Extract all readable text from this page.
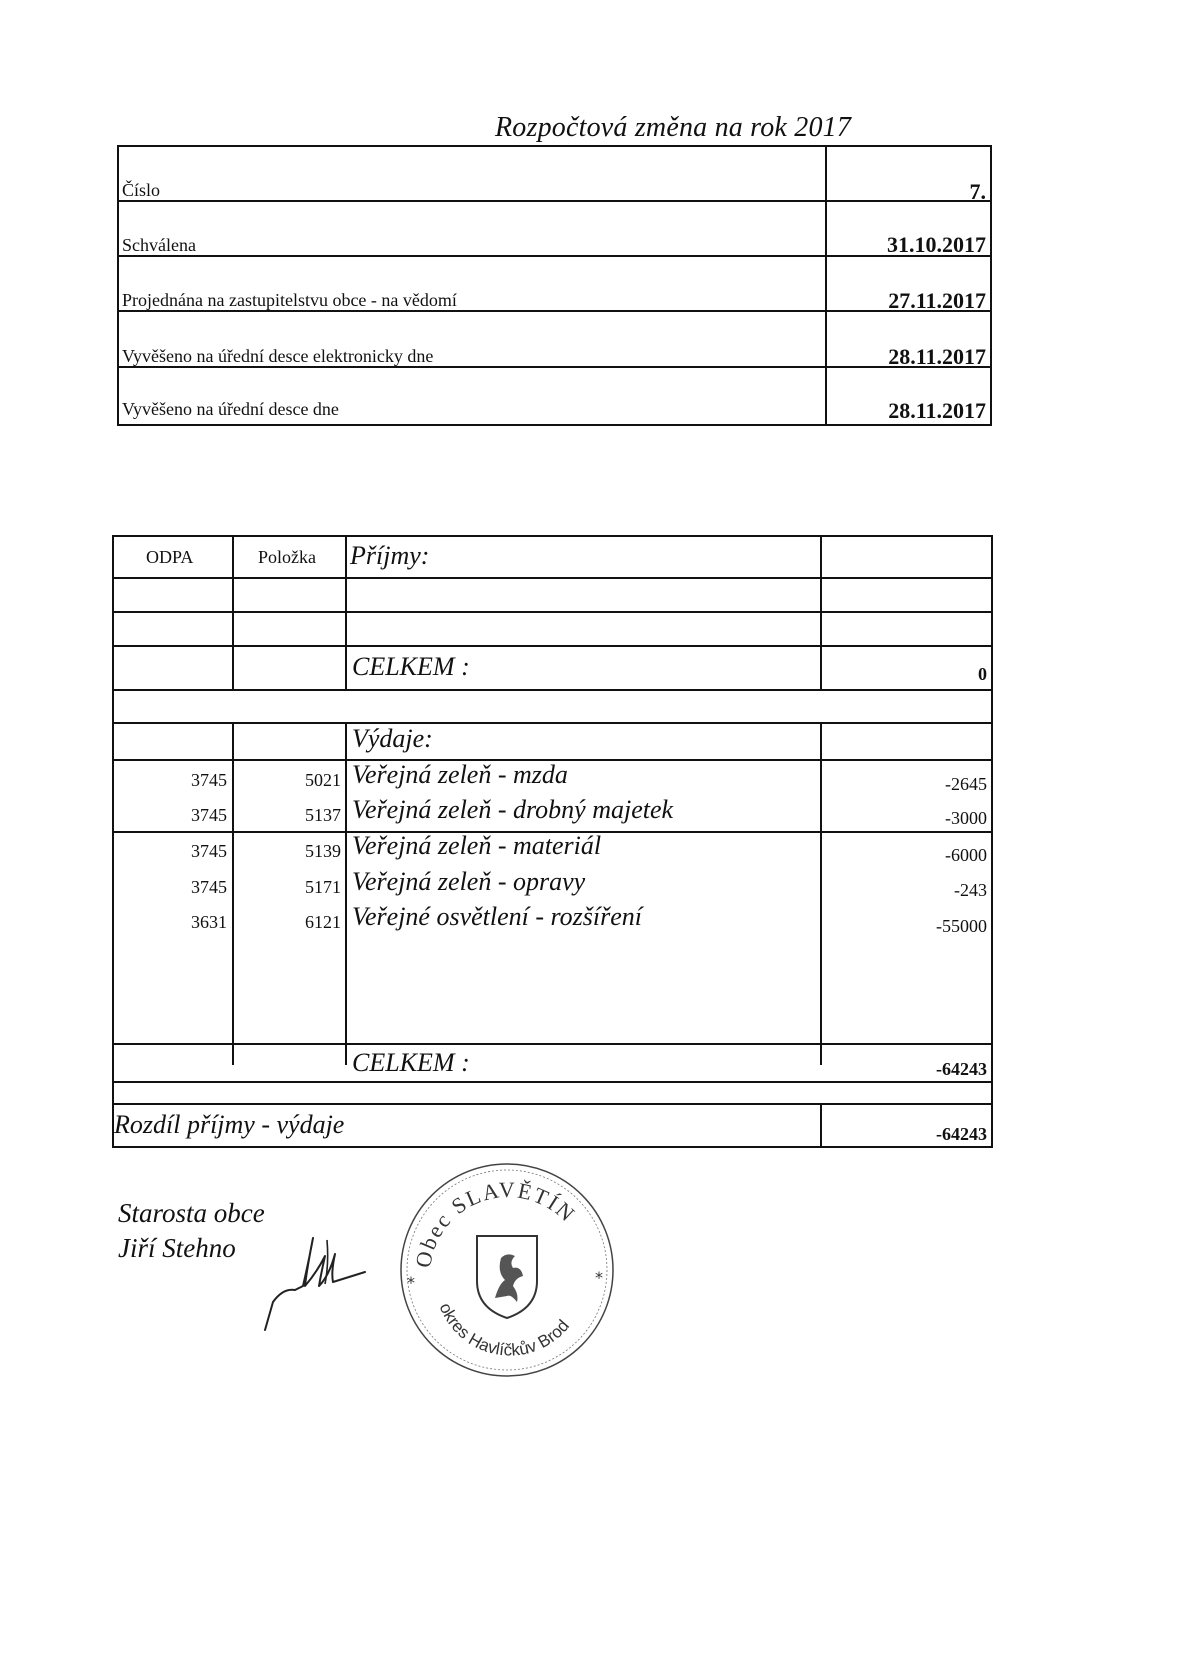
Rozpočtová změna na rok 2017
Číslo	7.
Schválena	31.10.2017
Projednána na zastupitelstvu obce - na vědomí	27.11.2017
Vyvěšeno na úřední desce elektronicky dne	28.11.2017
Vyvěšeno na úřední desce dne	28.11.2017
ODPA	Položka Příjmy:
CELKEM :	0
Výdaje:
3745	5021 Veřejná zeleň - mzda	-2645
3745	5137 Veřejná zeleň - drobný majetek	-3000
3745	5139 Veřejná zeleň - materiál	-6000
3745	5171 Veřejná zeleň - opravy	-243
3631	6121 Veřejné osvětlení - rozšíření	-55000
CELKEM :	-64243
Rozdíl příjmy - výdaje	-64243
Starosta obce
Jiří Stehno	Obec SLAVĚTÍN
okres Havlíčkův Brod
*	*
